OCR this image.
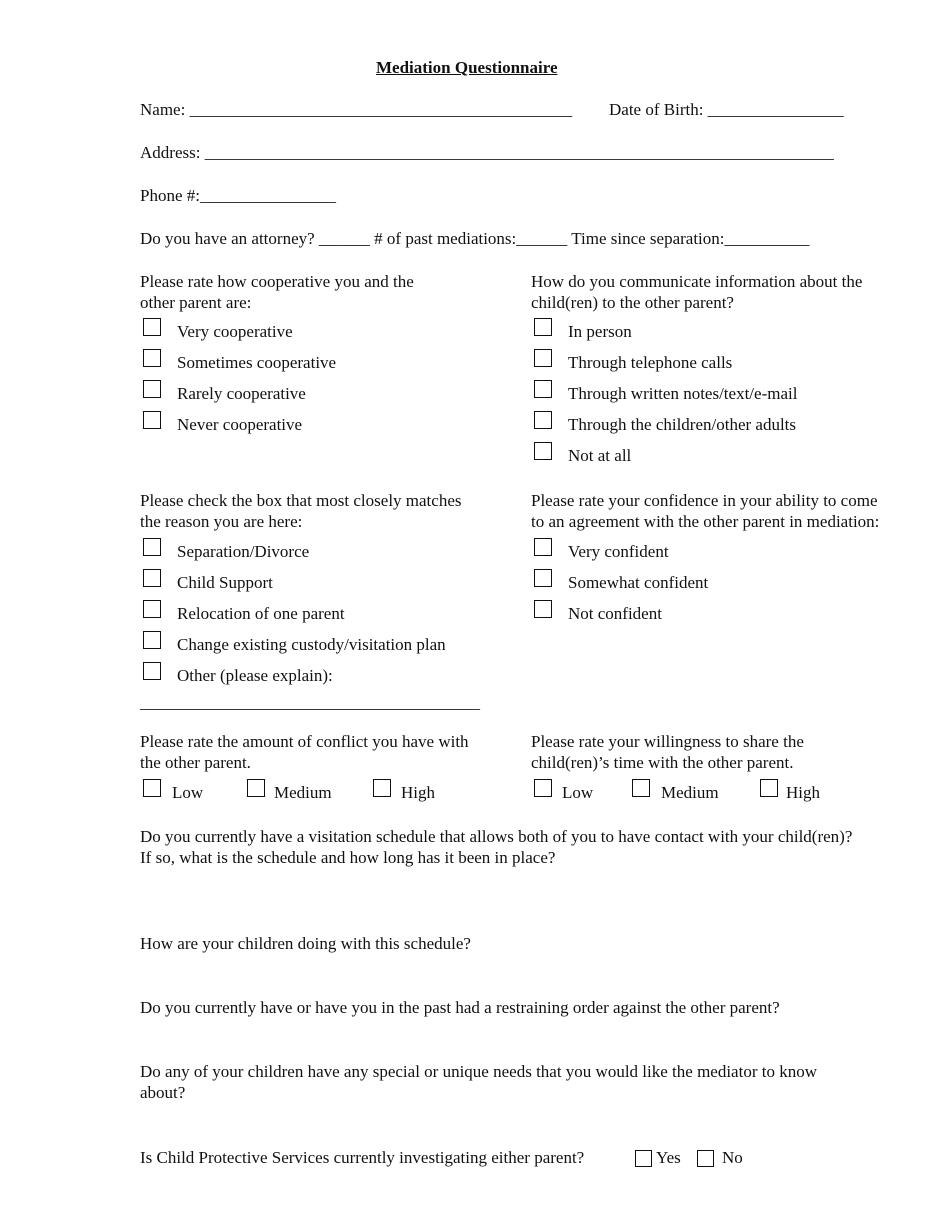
Mediation Questionnaire
Name: _____________________________________________ Date of Birth: ________________
Address: __________________________________________________________________________
Phone #:________________
Do you have an attorney? ______ # of past mediations:______ Time since separation:__________
Please rate how cooperative you and the
other parent are:
Very cooperative
Sometimes cooperative
Rarely cooperative
Never cooperative
How do you communicate information about the
child(ren) to the other parent?
In person
Through telephone calls
Through written notes/text/e-mail
Through the children/other adults
Not at all
Please check the box that most closely matches
the reason you are here:
Separation/Divorce
Child Support
Relocation of one parent
Change existing custody/visitation plan
Other (please explain):
________________________________________
Please rate your confidence in your ability to come
to an agreement with the other parent in mediation:
Very confident
Somewhat confident
Not confident
Please rate the amount of conflict you have with
the other parent.
Low	Medium	High
Please rate your willingness to share the
child(ren)’s time with the other parent.
Low	Medium	High
Do you currently have a visitation schedule that allows both of you to have contact with your child(ren)?
If so, what is the schedule and how long has it been in place?
How are your children doing with this schedule?
Do you currently have or have you in the past had a restraining order against the other parent?
Do any of your children have any special or unique needs that you would like the mediator to know
about?
Is Child Protective Services currently investigating either parent?	Yes No
